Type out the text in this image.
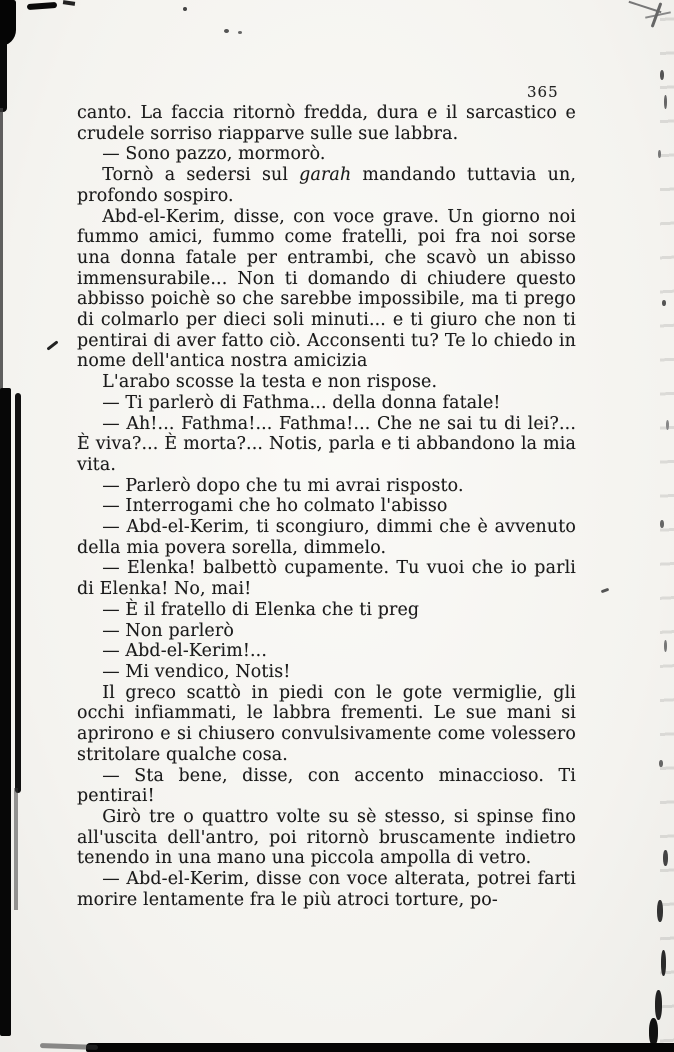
365

canto. La faccia ritornò fredda, dura e il sarcastico e crudele sorriso riapparve sulle sue labbra.

— Sono pazzo, mormorò.

Tornò a sedersi sul garah mandando tuttavia un, profondo sospiro.

Abd-el-Kerim, disse, con voce grave. Un giorno noi fummo amici, fummo come fratelli, poi fra noi sorse una donna fatale per entrambi, che scavò un abisso immensurabile... Non ti domando di chiudere questo abbisso poichè so che sarebbe impossibile, ma ti prego di colmarlo per dieci soli minuti... e ti giuro che non ti pentirai di aver fatto ciò. Acconsenti tu? Te lo chiedo in nome dell'antica nostra amicizia

L'arabo scosse la testa e non rispose.

— Ti parlerò di Fathma... della donna fatale!

— Ah!... Fathma!... Fathma!... Che ne sai tu di lei?... È viva?... È morta?... Notis, parla e ti abbandono la mia vita.

— Parlerò dopo che tu mi avrai risposto.

— Interrogami che ho colmato l'abisso

— Abd-el-Kerim, ti scongiuro, dimmi che è avvenuto della mia povera sorella, dimmelo.

— Elenka! balbettò cupamente. Tu vuoi che io parli di Elenka! No, mai!

— È il fratello di Elenka che ti preg

— Non parlerò

— Abd-el-Kerim!...

— Mi vendico, Notis!

Il greco scattò in piedi con le gote vermiglie, gli occhi infiammati, le labbra frementi. Le sue mani si aprirono e si chiusero convulsivamente come volessero stritolare qualche cosa.

— Sta bene, disse, con accento minaccioso. Ti pentirai!

Girò tre o quattro volte su sè stesso, si spinse fino all'uscita dell'antro, poi ritornò bruscamente indietro tenendo in una mano una piccola ampolla di vetro.

— Abd-el-Kerim, disse con voce alterata, potrei farti morire lentamente fra le più atroci torture, po-
